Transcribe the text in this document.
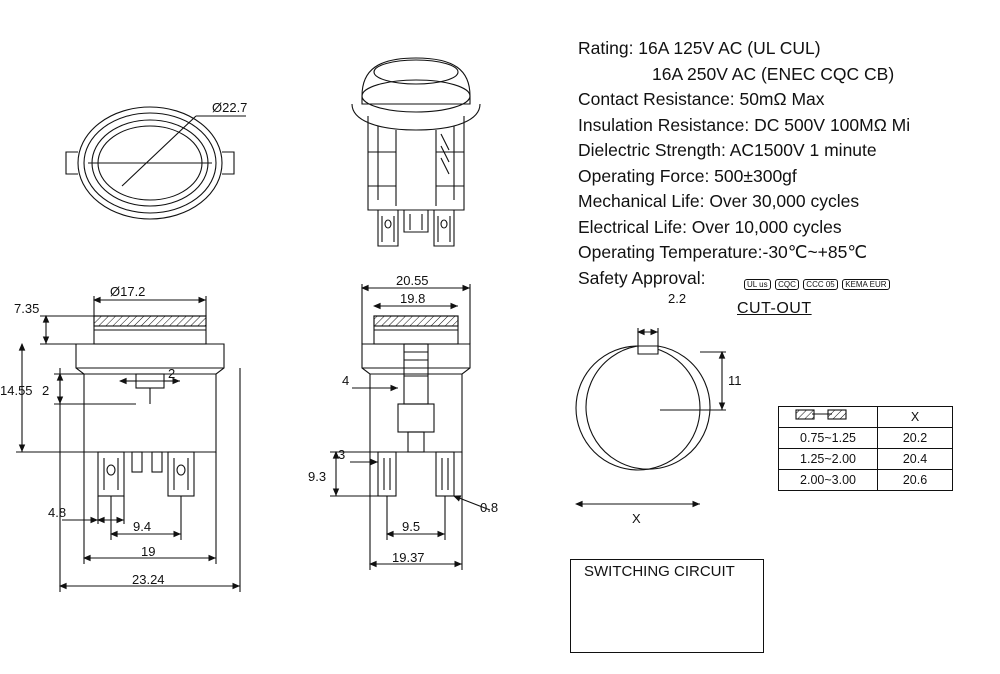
Ø22.7
Ø17.2
7.35
14.55
2
2
4.8
9.4
19
23.24
20.55
19.8
4
3
9.3
9.5
0.8
19.37
2.2
11
X
Rating: 16A 125V AC (UL CUL)
16A 250V AC (ENEC CQC CB)
Contact Resistance: 50mΩ Max
Insulation Resistance: DC 500V 100MΩ Mi
Dielectric Strength: AC1500V 1 minute
Operating Force: 500±300gf
Mechanical Life: Over 30,000 cycles
Electrical Life: Over 10,000 cycles
Operating Temperature:-30℃~+85℃
Safety Approval:	UL us CQC CCC 05 KEMA EUR
CUT-OUT
	X
0.75~1.25	20.2
1.25~2.00	20.4
2.00~3.00	20.6
SWITCHING CIRCUIT
